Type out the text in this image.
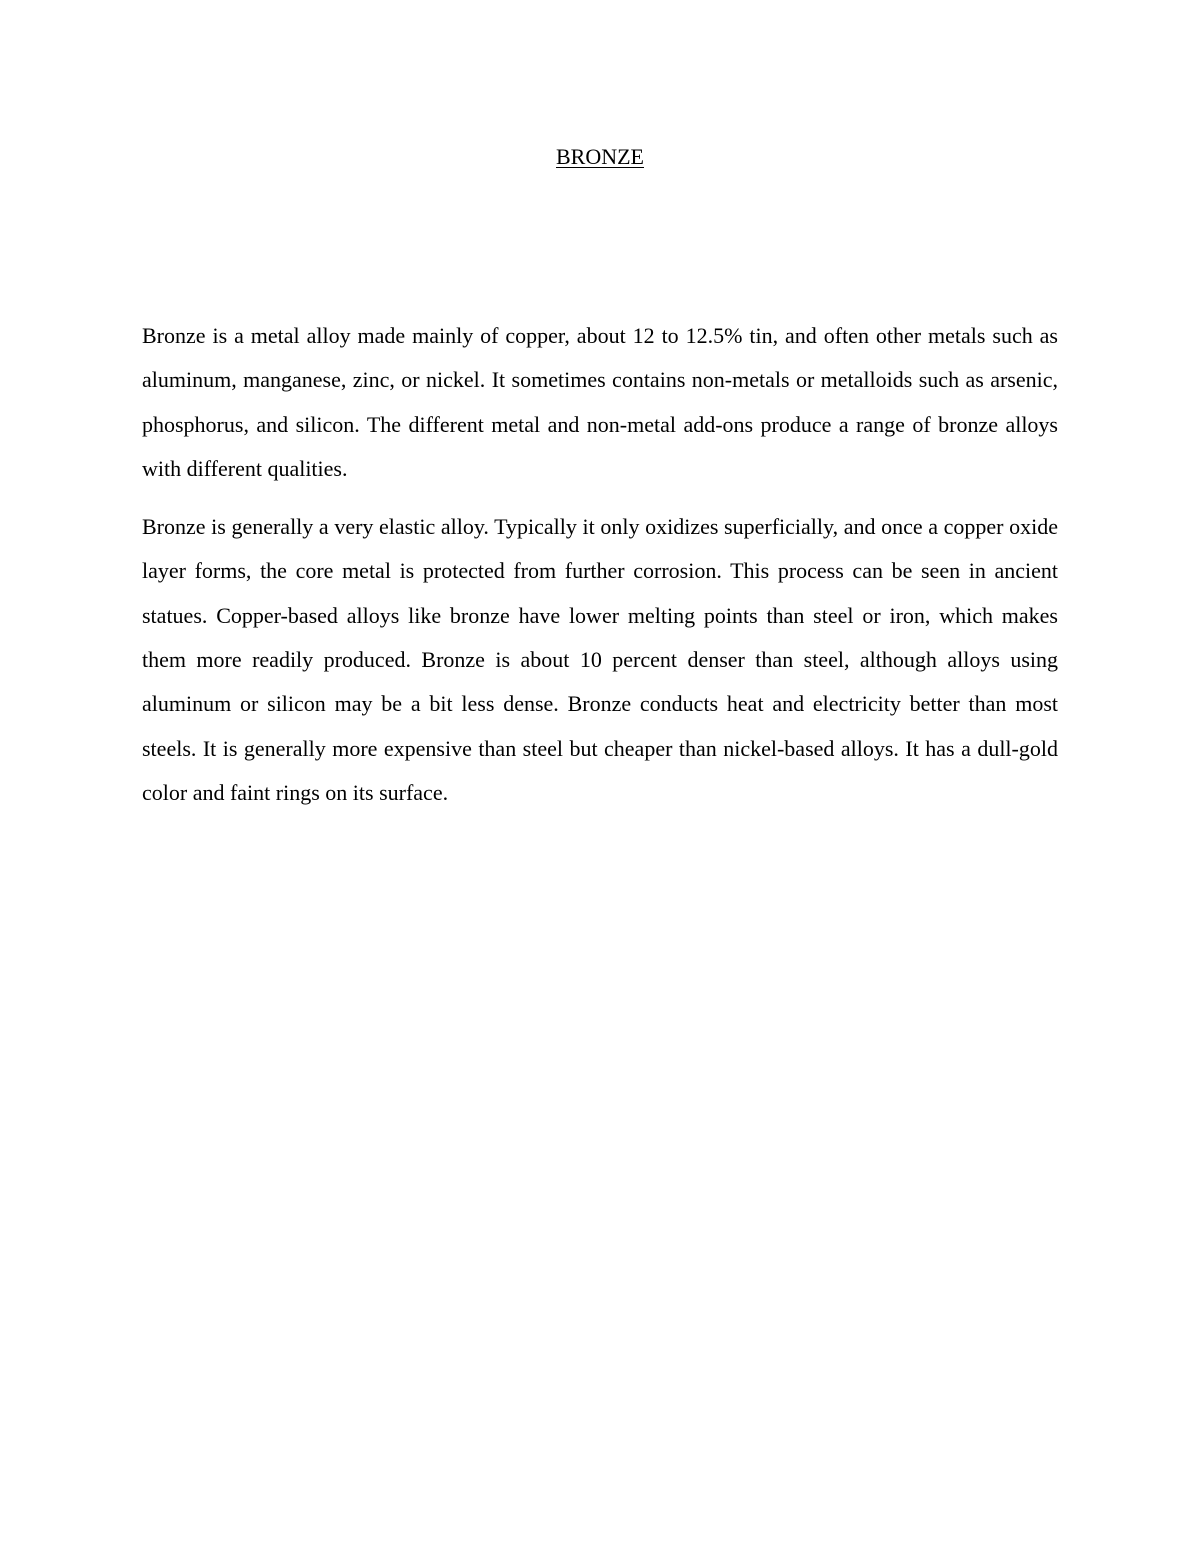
BRONZE

Bronze is a metal alloy made mainly of copper, about 12 to 12.5% tin, and often other metals such as aluminum, manganese, zinc, or nickel. It sometimes contains non-metals or metalloids such as arsenic, phosphorus, and silicon. The different metal and non-metal add-ons produce a range of bronze alloys with different qualities.

Bronze is generally a very elastic alloy. Typically it only oxidizes superficially, and once a copper oxide layer forms, the core metal is protected from further corrosion. This process can be seen in ancient statues. Copper-based alloys like bronze have lower melting points than steel or iron, which makes them more readily produced. Bronze is about 10 percent denser than steel, although alloys using aluminum or silicon may be a bit less dense. Bronze conducts heat and electricity better than most steels. It is generally more expensive than steel but cheaper than nickel-based alloys. It has a dull-gold color and faint rings on its surface.
